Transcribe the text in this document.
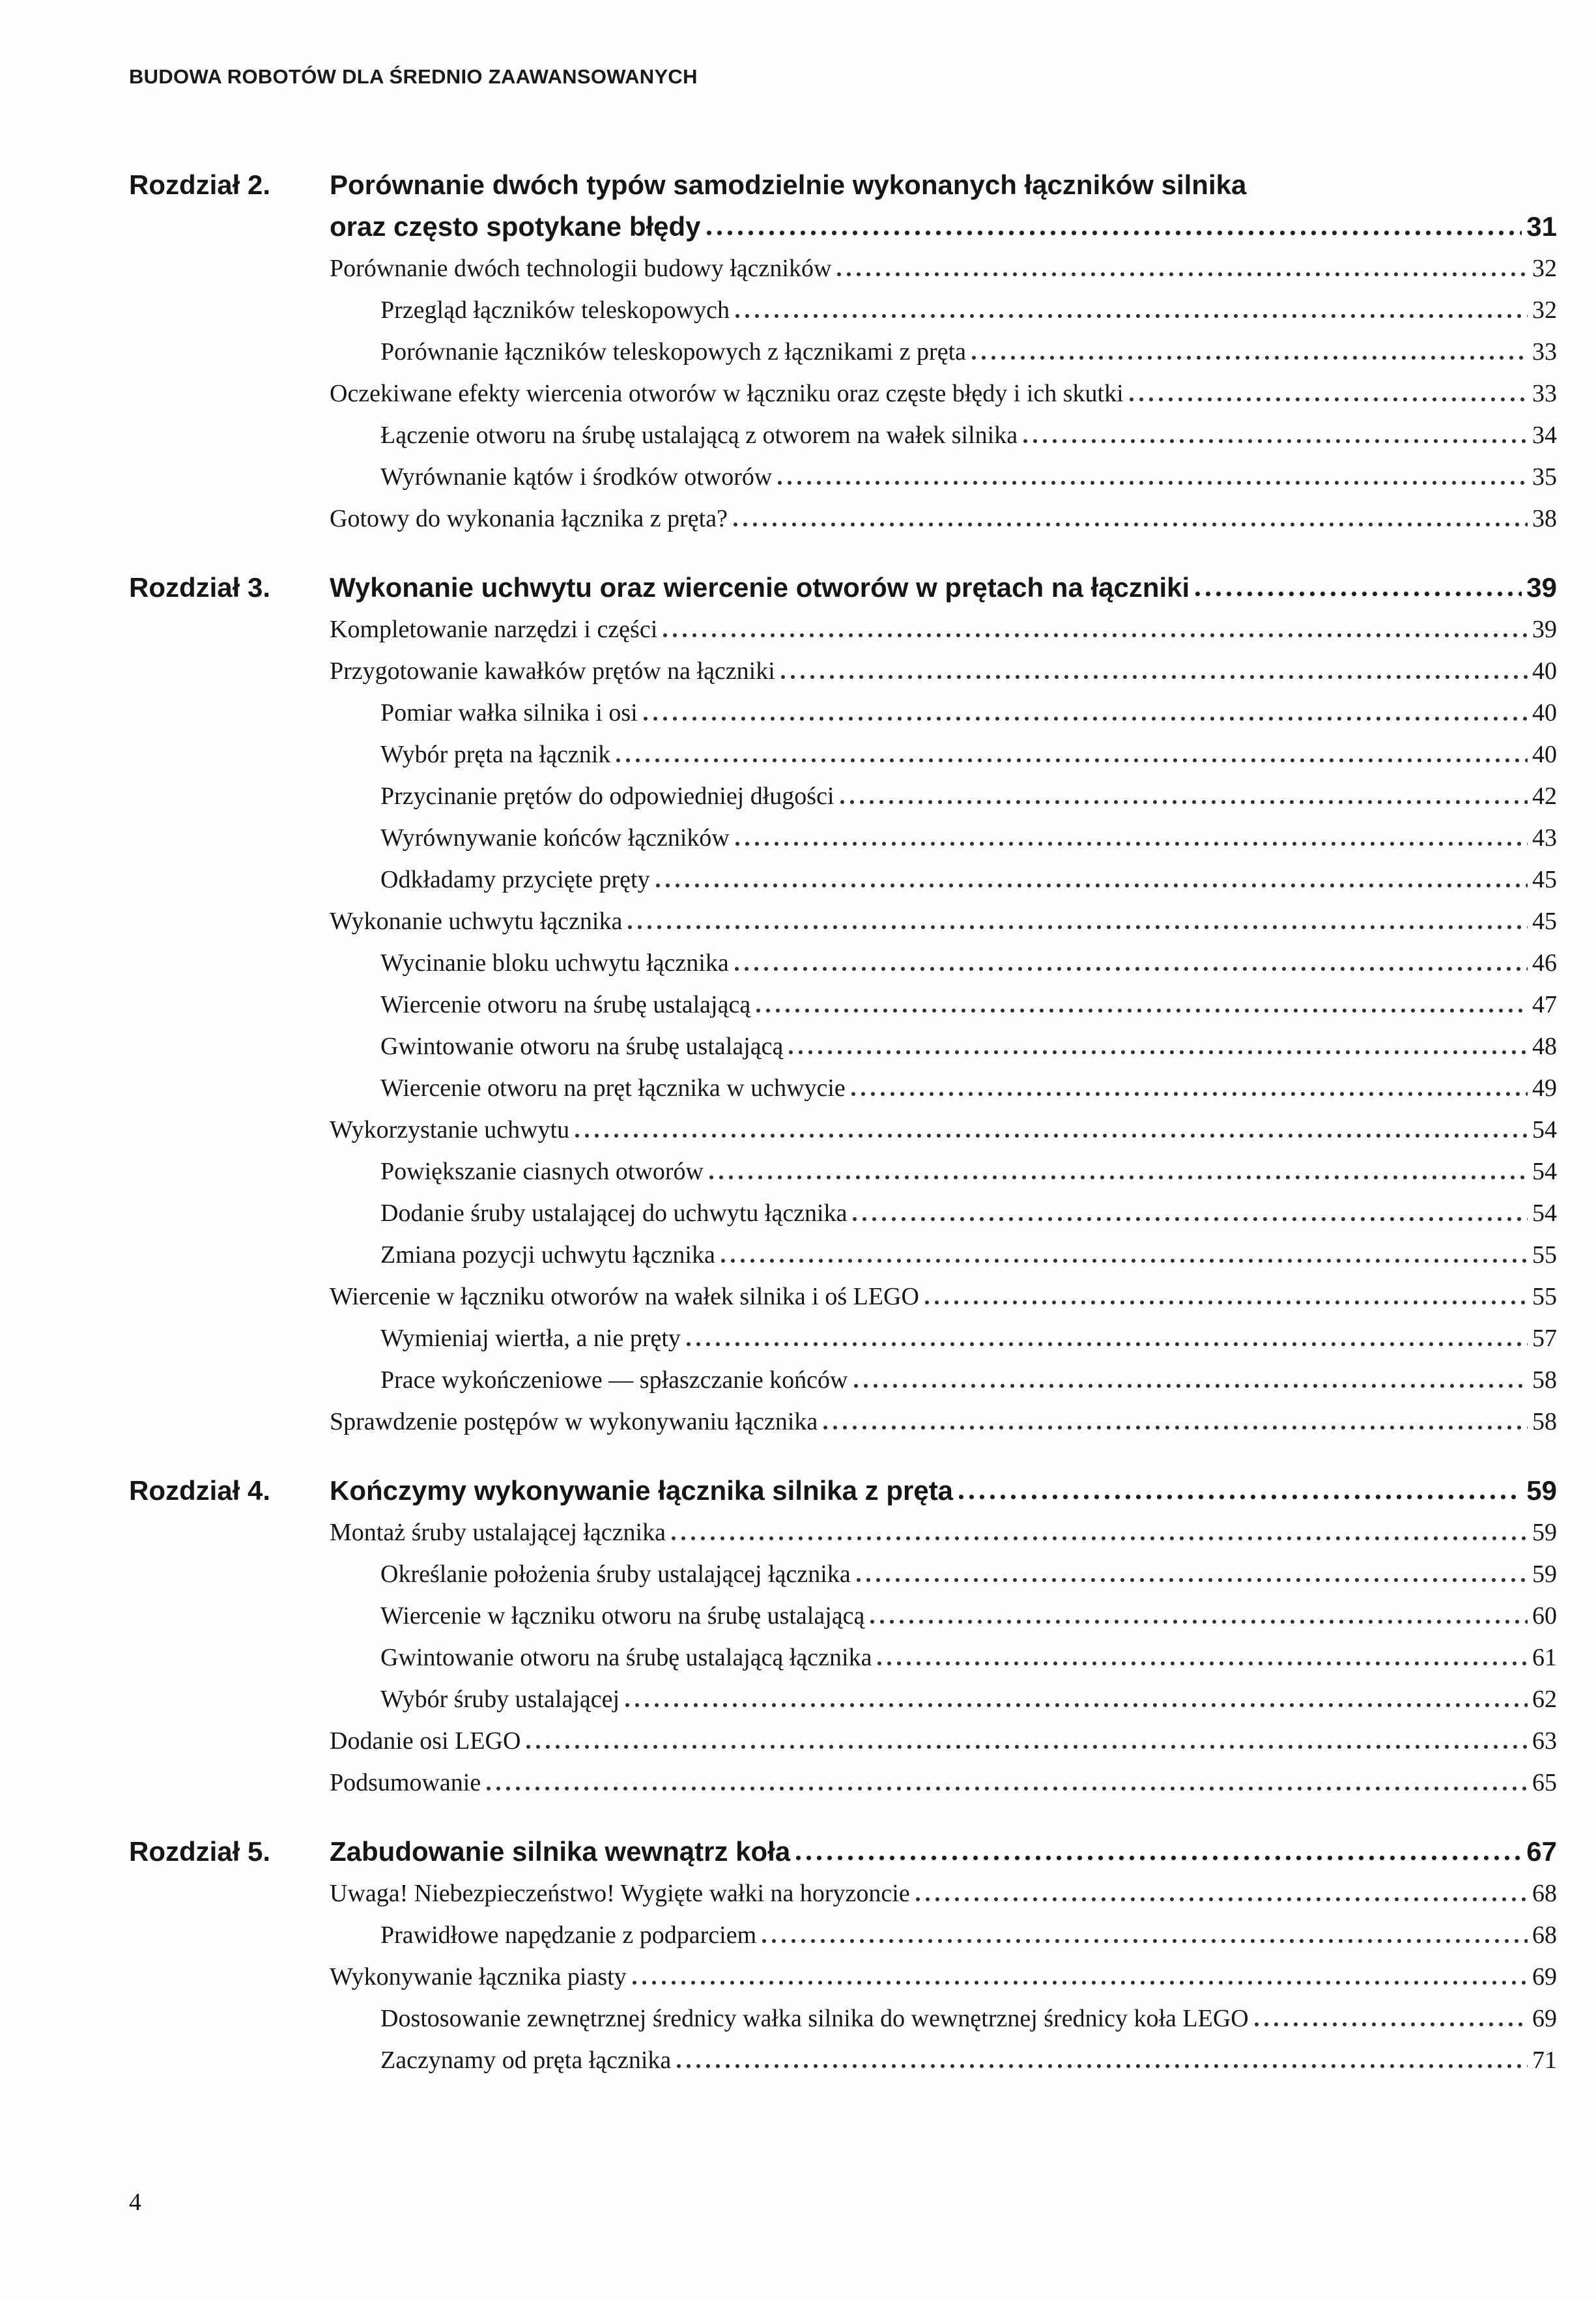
BUDOWA ROBOTÓW DLA ŚREDNIO ZAAWANSOWANYCH
Rozdział 2.	Porównanie dwóch typów samodzielnie wykonanych łączników silnika
oraz często spotykane błędy	31
Porównanie dwóch technologii budowy łączników	32
Przegląd łączników teleskopowych	32
Porównanie łączników teleskopowych z łącznikami z pręta	33
Oczekiwane efekty wiercenia otworów w łączniku oraz częste błędy i ich skutki	33
Łączenie otworu na śrubę ustalającą z otworem na wałek silnika	34
Wyrównanie kątów i środków otworów	35
Gotowy do wykonania łącznika z pręta?	38
Rozdział 3.	Wykonanie uchwytu oraz wiercenie otworów w prętach na łączniki	39
Kompletowanie narzędzi i części	39
Przygotowanie kawałków prętów na łączniki	40
Pomiar wałka silnika i osi	40
Wybór pręta na łącznik	40
Przycinanie prętów do odpowiedniej długości	42
Wyrównywanie końców łączników	43
Odkładamy przycięte pręty	45
Wykonanie uchwytu łącznika	45
Wycinanie bloku uchwytu łącznika	46
Wiercenie otworu na śrubę ustalającą	47
Gwintowanie otworu na śrubę ustalającą	48
Wiercenie otworu na pręt łącznika w uchwycie	49
Wykorzystanie uchwytu	54
Powiększanie ciasnych otworów	54
Dodanie śruby ustalającej do uchwytu łącznika	54
Zmiana pozycji uchwytu łącznika	55
Wiercenie w łączniku otworów na wałek silnika i oś LEGO	55
Wymieniaj wiertła, a nie pręty	57
Prace wykończeniowe — spłaszczanie końców	58
Sprawdzenie postępów w wykonywaniu łącznika	58
Rozdział 4.	Kończymy wykonywanie łącznika silnika z pręta	59
Montaż śruby ustalającej łącznika	59
Określanie położenia śruby ustalającej łącznika	59
Wiercenie w łączniku otworu na śrubę ustalającą	60
Gwintowanie otworu na śrubę ustalającą łącznika	61
Wybór śruby ustalającej	62
Dodanie osi LEGO	63
Podsumowanie	65
Rozdział 5.	Zabudowanie silnika wewnątrz koła	67
Uwaga! Niebezpieczeństwo! Wygięte wałki na horyzoncie	68
Prawidłowe napędzanie z podparciem	68
Wykonywanie łącznika piasty	69
Dostosowanie zewnętrznej średnicy wałka silnika do wewnętrznej średnicy koła LEGO	69
Zaczynamy od pręta łącznika	71
4
